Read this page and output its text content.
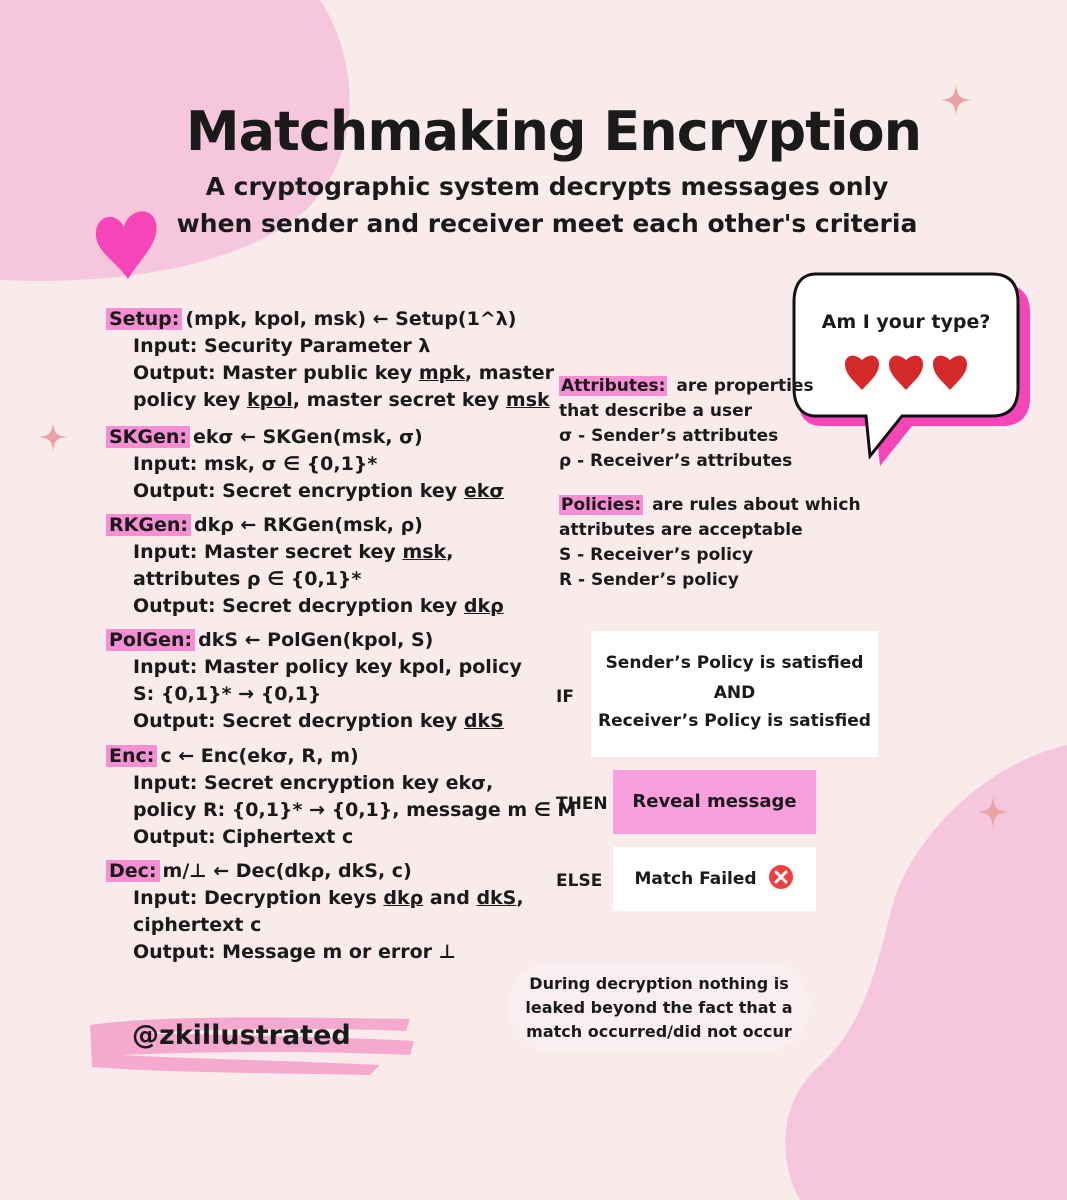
Matchmaking Encryption
A cryptographic system decrypts messages only
when sender and receiver meet each other's criteria
Am I your type?
Setup: (mpk, kpol, msk) ← Setup(1^λ)
Input: Security Parameter λ
Output: Master public key mpk, master
policy key kpol, master secret key msk
SKGen: ekσ ← SKGen(msk, σ)
Input: msk, σ ∈ {0,1}*
Output: Secret encryption key ekσ
RKGen: dkρ ← RKGen(msk, ρ)
Input: Master secret key msk,
attributes ρ ∈ {0,1}*
Output: Secret decryption key dkρ
PolGen: dkS ← PolGen(kpol, S)
Input: Master policy key kpol, policy
S: {0,1}* → {0,1}
Output: Secret decryption key dkS
Enc: c ← Enc(ekσ, R, m)
Input: Secret encryption key ekσ,
policy R: {0,1}* → {0,1}, message m ∈ M
Output: Ciphertext c
Dec: m/⊥ ← Dec(dkρ, dkS, c)
Input: Decryption keys dkρ and dkS,
ciphertext c
Output: Message m or error ⊥
Attributes: are properties
that describe a user
σ - Sender’s attributes
ρ - Receiver’s attributes
Policies: are rules about which
attributes are acceptable
S - Receiver’s policy
R - Sender’s policy
IF
Sender’s Policy is satisfied
AND
Receiver’s Policy is satisfied
THEN	Reveal message
ELSE	Match Failed
During decryption nothing is
leaked beyond the fact that a
match occurred/did not occur
@zkillustrated
